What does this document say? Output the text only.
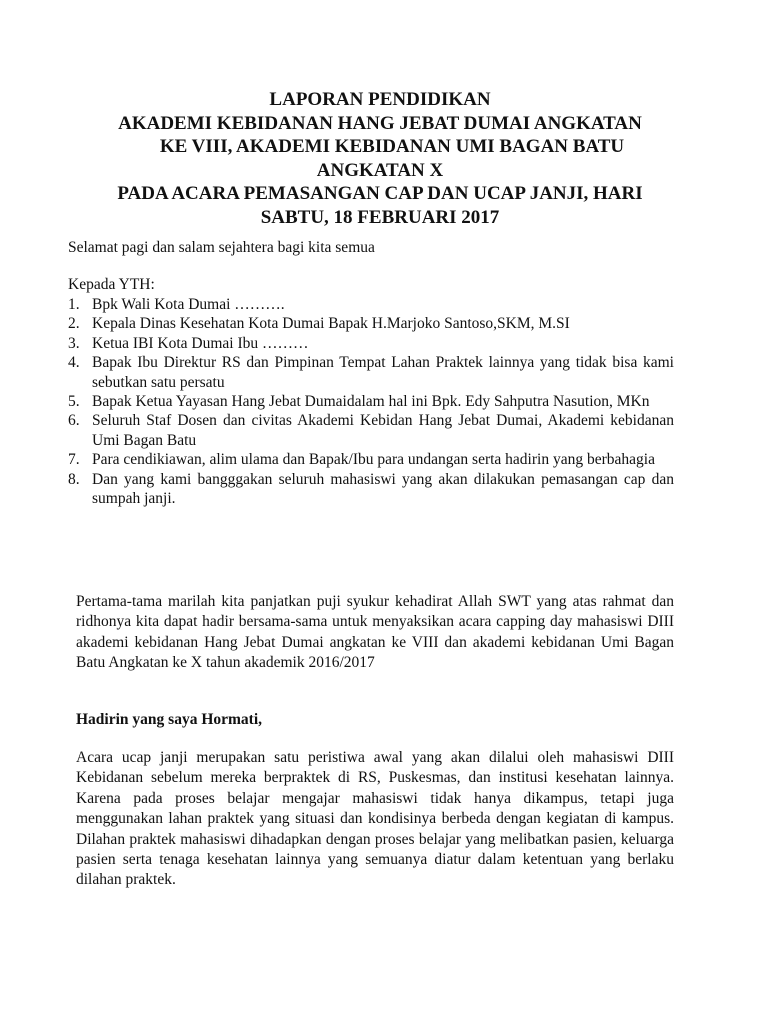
LAPORAN PENDIDIKAN
AKADEMI KEBIDANAN HANG JEBAT DUMAI ANGKATAN
KE VIII, AKADEMI KEBIDANAN UMI BAGAN BATU
ANGKATAN X
PADA ACARA PEMASANGAN CAP DAN UCAP JANJI, HARI
SABTU, 18 FEBRUARI 2017
Selamat pagi dan salam sejahtera bagi kita semua
Kepada YTH:
1. Bpk Wali Kota Dumai ……….
2. Kepala Dinas Kesehatan Kota Dumai Bapak H.Marjoko Santoso,SKM, M.SI
3. Ketua IBI Kota Dumai Ibu ………
4. Bapak Ibu Direktur RS dan Pimpinan Tempat Lahan Praktek lainnya yang tidak bisa kami sebutkan satu persatu
5. Bapak Ketua Yayasan Hang Jebat Dumaidalam hal ini Bpk. Edy Sahputra Nasution, MKn
6. Seluruh Staf Dosen dan civitas Akademi Kebidan Hang Jebat Dumai, Akademi kebidanan Umi Bagan Batu
7. Para cendikiawan, alim ulama dan Bapak/Ibu para undangan serta hadirin yang berbahagia
8. Dan yang kami bangggakan seluruh mahasiswi yang akan dilakukan pemasangan cap dan sumpah janji.

Pertama-tama marilah kita panjatkan puji syukur kehadirat Allah SWT yang atas rahmat dan ridhonya kita dapat hadir bersama-sama untuk menyaksikan acara capping day mahasiswi DIII akademi kebidanan Hang Jebat Dumai angkatan ke VIII dan akademi kebidanan Umi Bagan Batu Angkatan ke X tahun akademik 2016/2017

Hadirin yang saya Hormati,

Acara ucap janji merupakan satu peristiwa awal yang akan dilalui oleh mahasiswi DIII Kebidanan sebelum mereka berpraktek di RS, Puskesmas, dan institusi kesehatan lainnya. Karena pada proses belajar mengajar mahasiswi tidak hanya dikampus, tetapi juga menggunakan lahan praktek yang situasi dan kondisinya berbeda dengan kegiatan di kampus. Dilahan praktek mahasiswi dihadapkan dengan proses belajar yang melibatkan pasien, keluarga pasien serta tenaga kesehatan lainnya yang semuanya diatur dalam ketentuan yang berlaku dilahan praktek.
